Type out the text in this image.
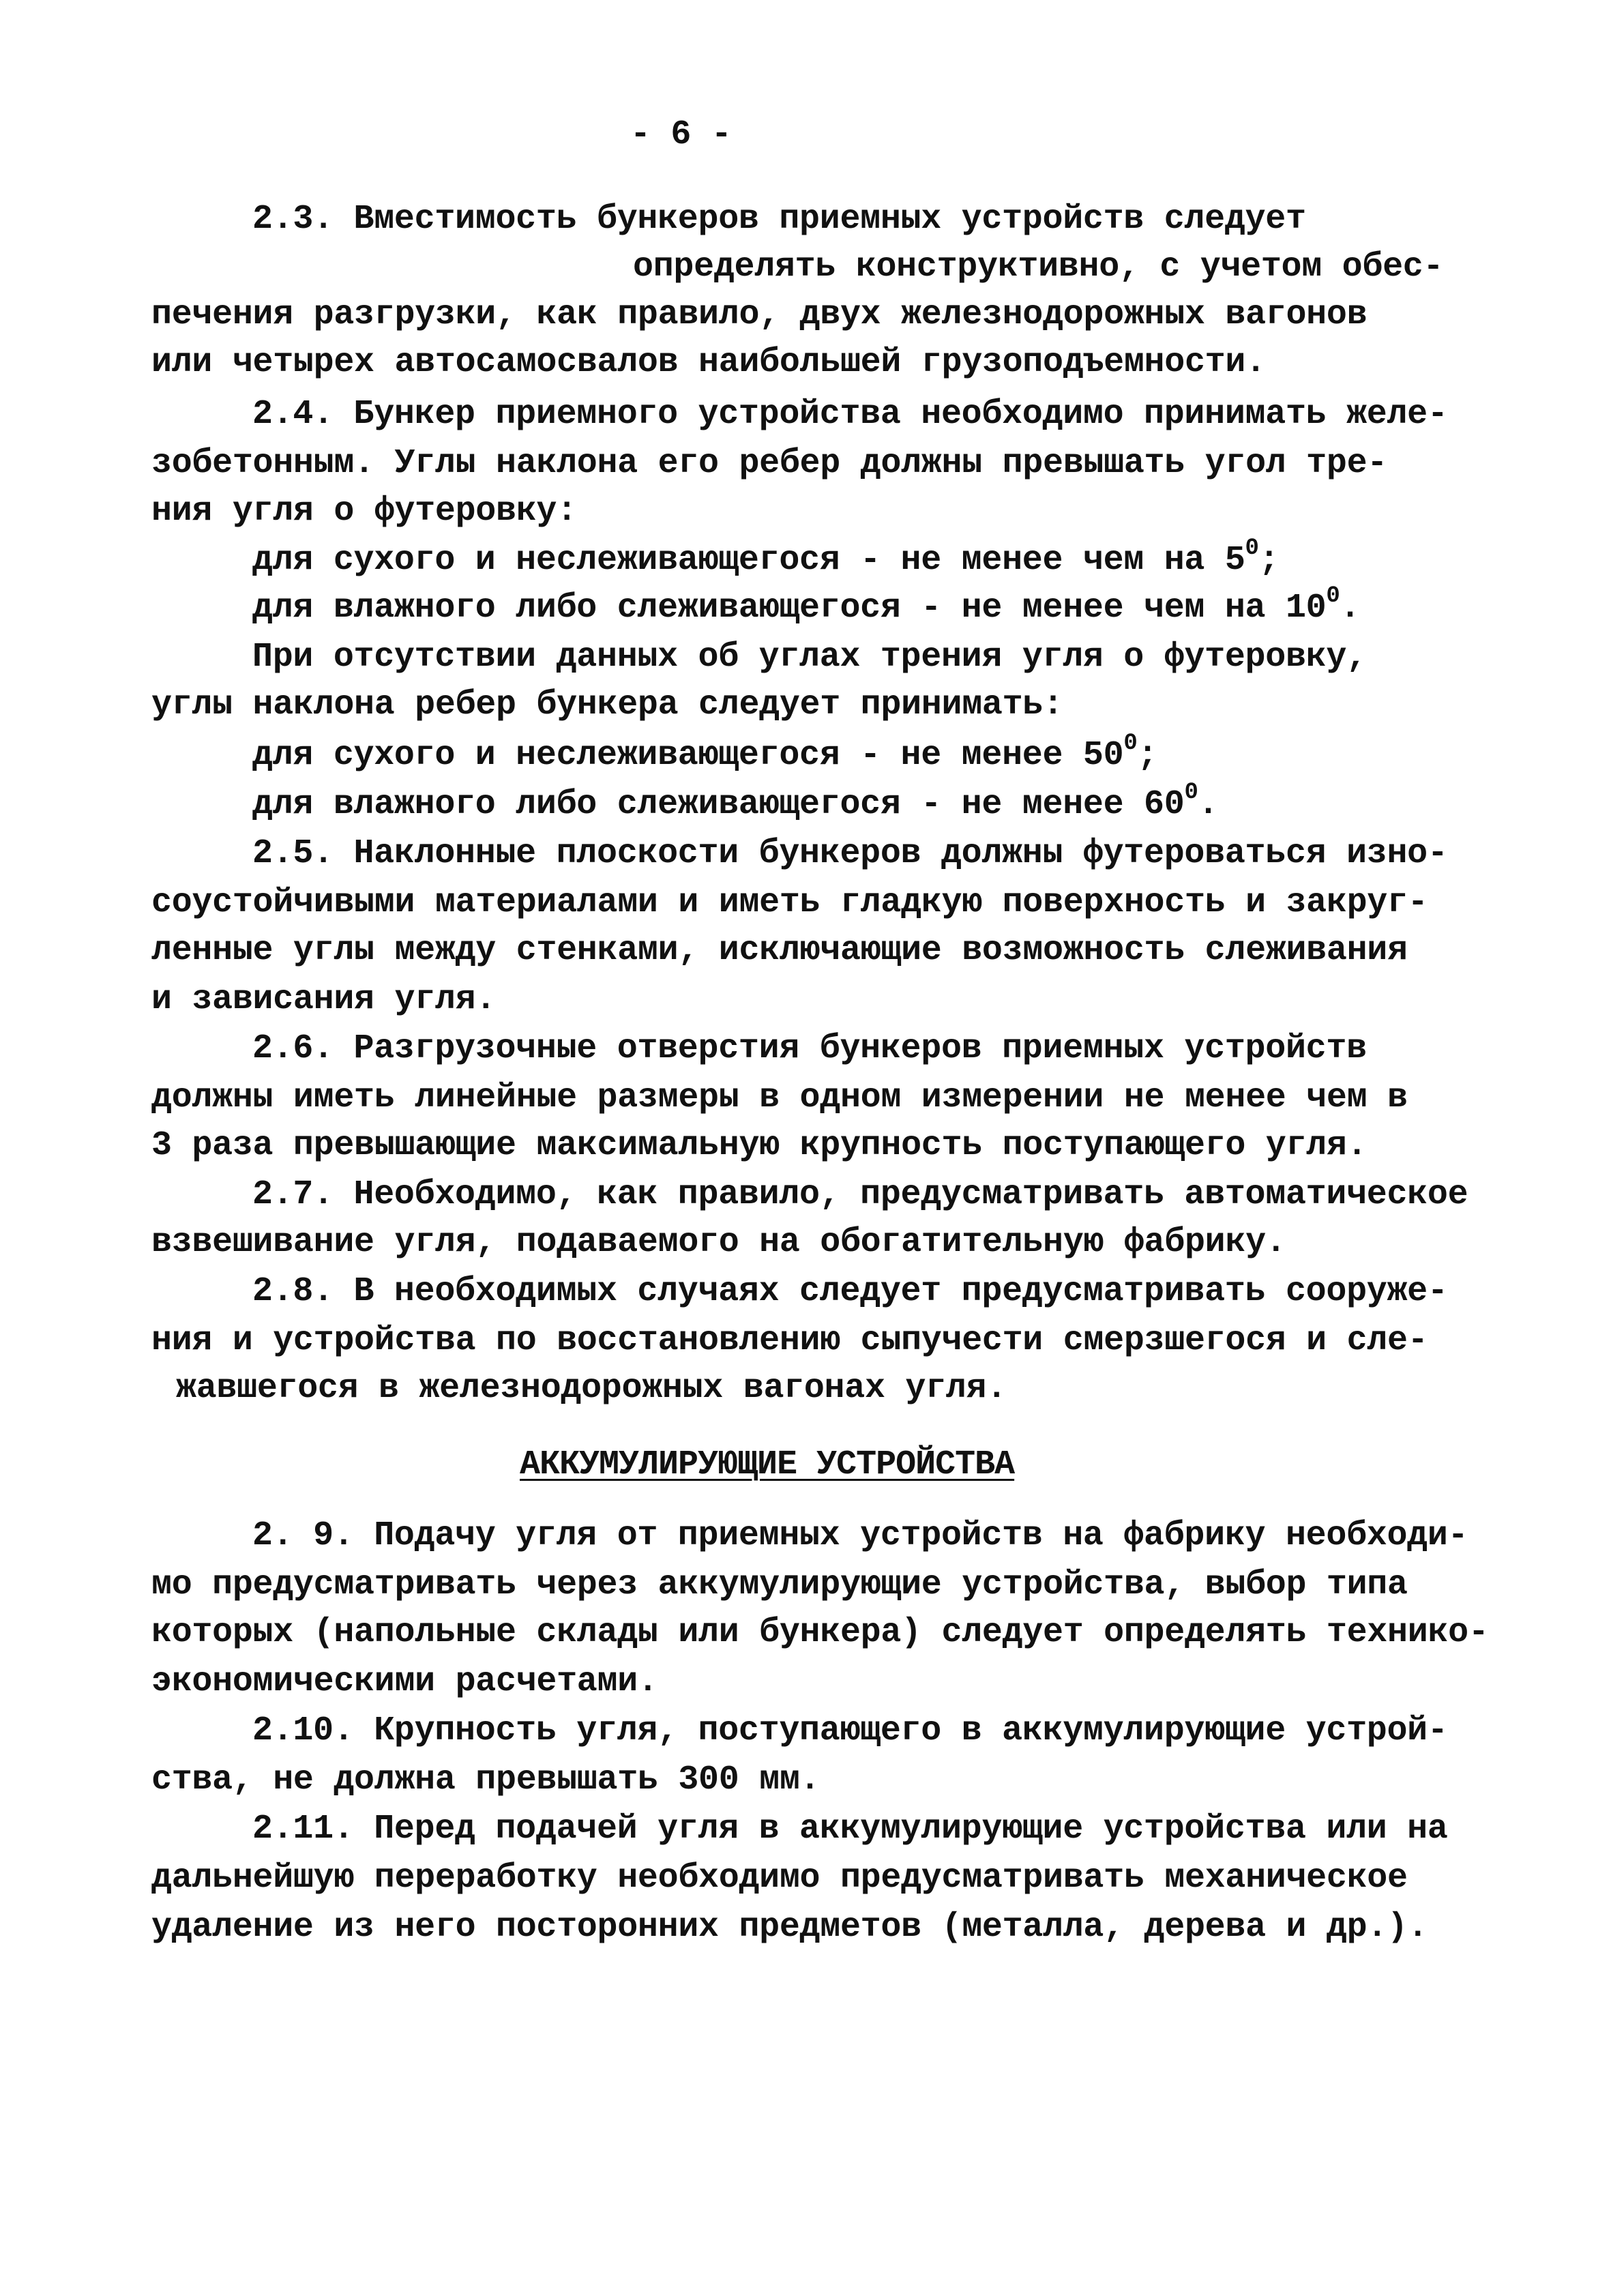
- 6 -
2.3. Вместимость бункеров приемных устройств следует
определять конструктивно, с учетом обес-
печения разгрузки, как правило, двух железнодорожных вагонов
или четырех автосамосвалов наибольшей грузоподъемности.
2.4. Бункер приемного устройства необходимо принимать желе-
зобетонным. Углы наклона его ребер должны превышать угол тре-
ния угля о футеровку:
для сухого и неслеживающегося - не менее чем на $5^0$;
для влажного либо слеживающегося - не менее чем на $10^0$.
При отсутствии данных об углах трения угля о футеровку,
углы наклона ребер бункера следует принимать:
для сухого и неслеживающегося - не менее $50^0$;
для влажного либо слеживающегося - не менее $60^0$.
2.5. Наклонные плоскости бункеров должны футероваться изно-
соустойчивыми материалами и иметь гладкую поверхность и закруг-
ленные углы между стенками, исключающие возможность слеживания
и зависания угля.
2.6. Разгрузочные отверстия бункеров приемных устройств
должны иметь линейные размеры в одном измерении не менее чем в
3 раза превышающие максимальную крупность поступающего угля.
2.7. Необходимо, как правило, предусматривать автоматическое
взвешивание угля, подаваемого на обогатительную фабрику.
2.8. В необходимых случаях следует предусматривать сооруже-
ния и устройства по восстановлению сыпучести смерзшегося и сле-
жавшегося в железнодорожных вагонах угля.
АККУМУЛИРУЮЩИЕ УСТРОЙСТВА
2. 9. Подачу угля от приемных устройств на фабрику необходи-
мо предусматривать через аккумулирующие устройства, выбор типа
которых (напольные склады или бункера) следует определять технико-
экономическими расчетами.
2.10. Крупность угля, поступающего в аккумулирующие устрой-
ства, не должна превышать 300 мм.
2.11. Перед подачей угля в аккумулирующие устройства или на
дальнейшую переработку необходимо предусматривать механическое
удаление из него посторонних предметов (металла, дерева и др.).
